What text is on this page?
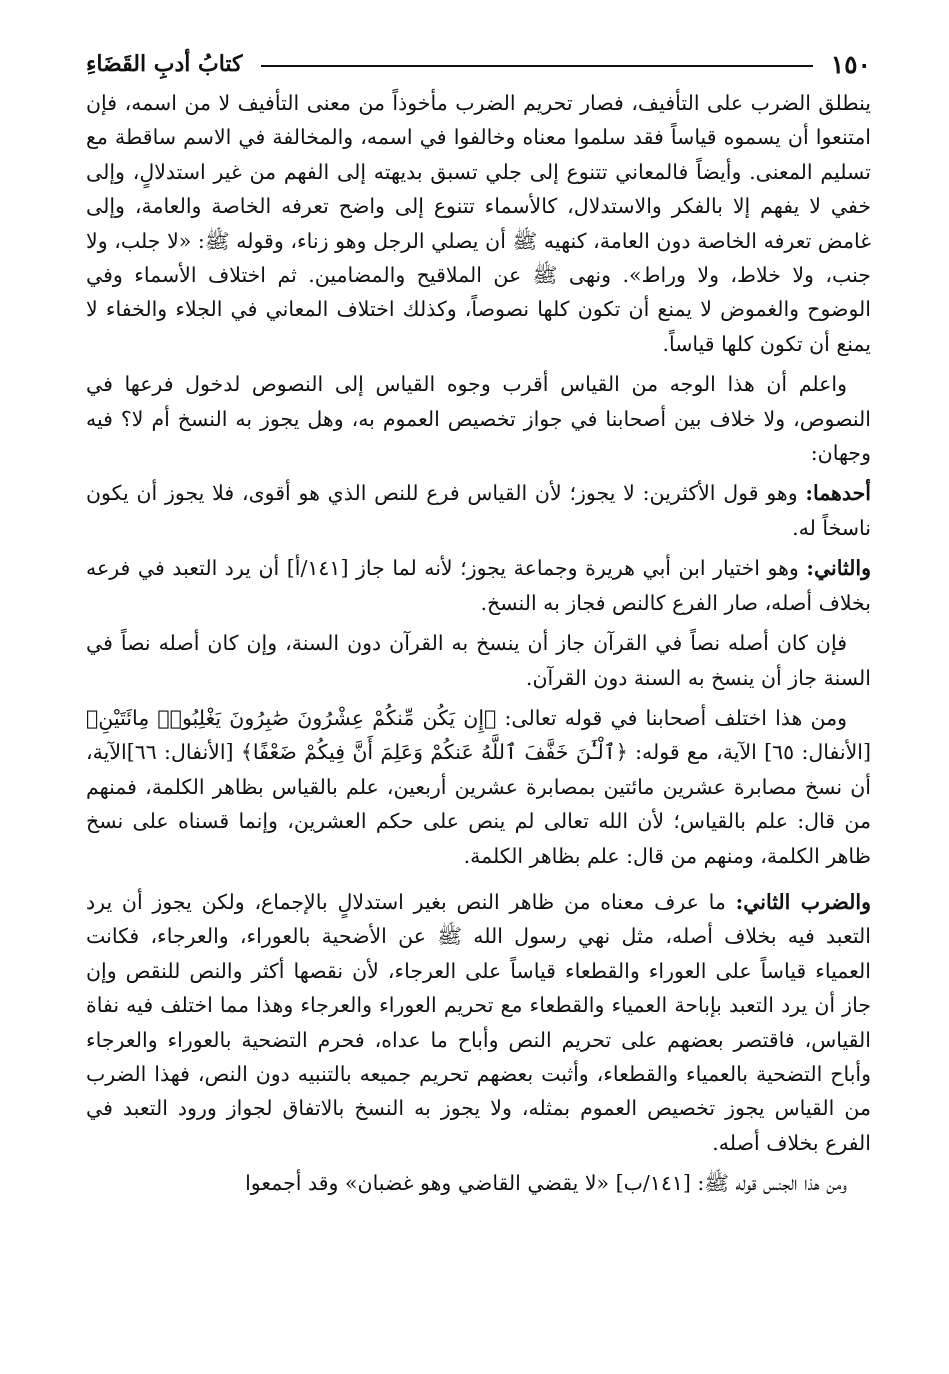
١٥٠
كتابُ أدبِ القَضَاءِ

ينطلق الضرب على التأفيف، فصار تحريم الضرب مأخوذاً من معنى التأفيف لا من اسمه، فإن امتنعوا أن يسموه قياساً فقد سلموا معناه وخالفوا في اسمه، والمخالفة في الاسم ساقطة مع تسليم المعنى. وأيضاً فالمعاني تتنوع إلى جلي تسبق بديهته إلى الفهم من غير استدلالٍ، وإلى خفي لا يفهم إلا بالفكر والاستدلال، كالأسماء تتنوع إلى واضح تعرفه الخاصة والعامة، وإلى غامض تعرفه الخاصة دون العامة، كنهيه ﷺ أن يصلي الرجل وهو زناء، وقوله ﷺ: «لا جلب، ولا جنب، ولا خلاط، ولا وراط». ونهى ﷺ عن الملاقيح والمضامين. ثم اختلاف الأسماء وفي الوضوح والغموض لا يمنع أن تكون كلها نصوصاً، وكذلك اختلاف المعاني في الجلاء والخفاء لا يمنع أن تكون كلها قياساً.

واعلم أن هذا الوجه من القياس أقرب وجوه القياس إلى النصوص لدخول فرعها في النصوص، ولا خلاف بين أصحابنا في جواز تخصيص العموم به، وهل يجوز به النسخ أم لا؟ فيه وجهان:

أحدهما: وهو قول الأكثرين: لا يجوز؛ لأن القياس فرع للنص الذي هو أقوى، فلا يجوز أن يكون ناسخاً له.

والثاني: وهو اختيار ابن أبي هريرة وجماعة يجوز؛ لأنه لما جاز [١٤١/أ] أن يرد التعبد في فرعه بخلاف أصله، صار الفرع كالنص فجاز به النسخ.

فإن كان أصله نصاً في القرآن جاز أن ينسخ به القرآن دون السنة، وإن كان أصله نصاً في السنة جاز أن ينسخ به السنة دون القرآن.

ومن هذا اختلف أصحابنا في قوله تعالى: ﴿إِن يَكُن مِّنكُمْ عِشْرُونَ صَٰبِرُونَ يَغْلِبُوا۟ مِائَتَيْنِ﴾ [الأنفال: ٦٥] الآية، مع قوله: ﴿ٱلْـَٰٔنَ خَفَّفَ ٱللَّهُ عَنكُمْ وَعَلِمَ أَنَّ فِيكُمْ ضَعْفًا﴾ [الأنفال: ٦٦]الآية، أن نسخ مصابرة عشرين مائتين بمصابرة عشرين أربعين، علم بالقياس بظاهر الكلمة، فمنهم من قال: علم بالقياس؛ لأن الله تعالى لم ينص على حكم العشرين، وإنما قسناه على نسخ ظاهر الكلمة، ومنهم من قال: علم بظاهر الكلمة.

والضرب الثاني: ما عرف معناه من ظاهر النص بغير استدلالٍ بالإجماع، ولكن يجوز أن يرد التعبد فيه بخلاف أصله، مثل نهي رسول الله ﷺ عن الأضحية بالعوراء، والعرجاء، فكانت العمياء قياساً على العوراء والقطعاء قياساً على العرجاء، لأن نقصها أكثر والنص للنقص وإن جاز أن يرد التعبد بإباحة العمياء والقطعاء مع تحريم العوراء والعرجاء وهذا مما اختلف فيه نفاة القياس، فاقتصر بعضهم على تحريم النص وأباح ما عداه، فحرم التضحية بالعوراء والعرجاء وأباح التضحية بالعمياء والقطعاء، وأثبت بعضهم تحريم جميعه بالتنبيه دون النص، فهذا الضرب من القياس يجوز تخصيص العموم بمثله، ولا يجوز به النسخ بالاتفاق لجواز ورود التعبد في الفرع بخلاف أصله.

ومن هذا الجنس قوله ﷺ: [١٤١/ب] «لا يقضي القاضي وهو غضبان» وقد أجمعوا
